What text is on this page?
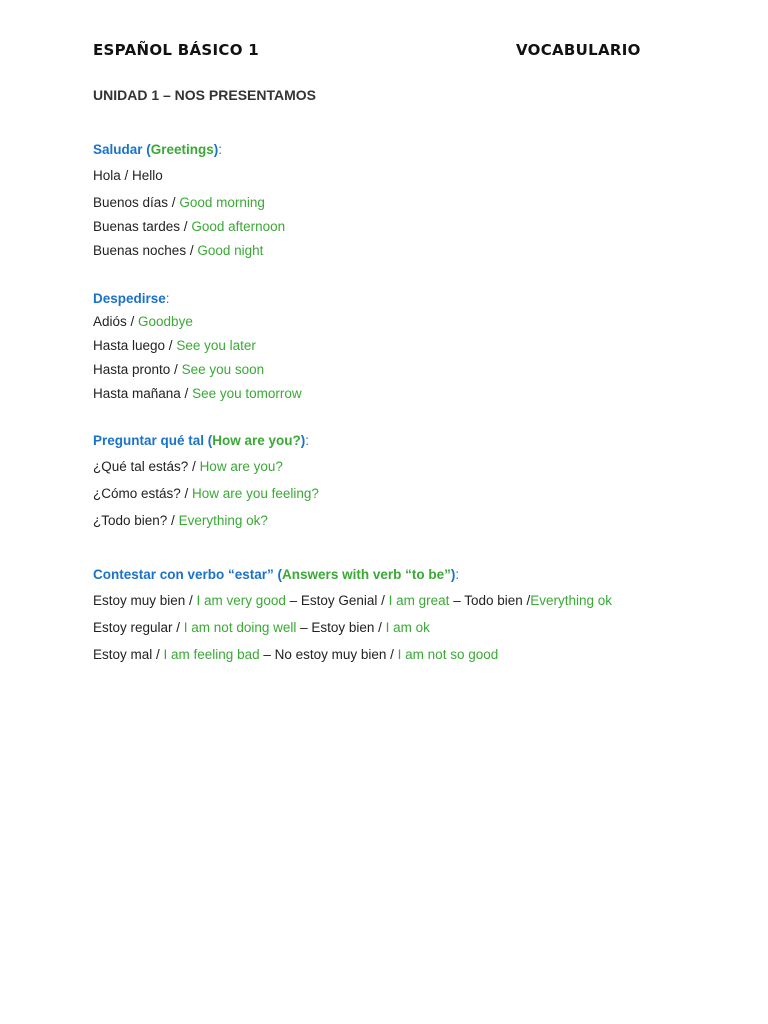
ESPAÑOL BÁSICO 1	VOCABULARIO
UNIDAD 1 – NOS PRESENTAMOS
Saludar (Greetings):
Hola / Hello
Buenos días / Good morning
Buenas tardes / Good afternoon
Buenas noches / Good night
Despedirse:
Adiós / Goodbye
Hasta luego / See you later
Hasta pronto / See you soon
Hasta mañana / See you tomorrow
Preguntar qué tal (How are you?):
¿Qué tal estás? / How are you?
¿Cómo estás? / How are you feeling?
¿Todo bien? / Everything ok?
Contestar con verbo “estar” (Answers with verb “to be”):
Estoy muy bien / I am very good – Estoy Genial / I am great – Todo bien /Everything ok
Estoy regular / I am not doing well – Estoy bien / I am ok
Estoy mal / I am feeling bad – No estoy muy bien / I am not so good
